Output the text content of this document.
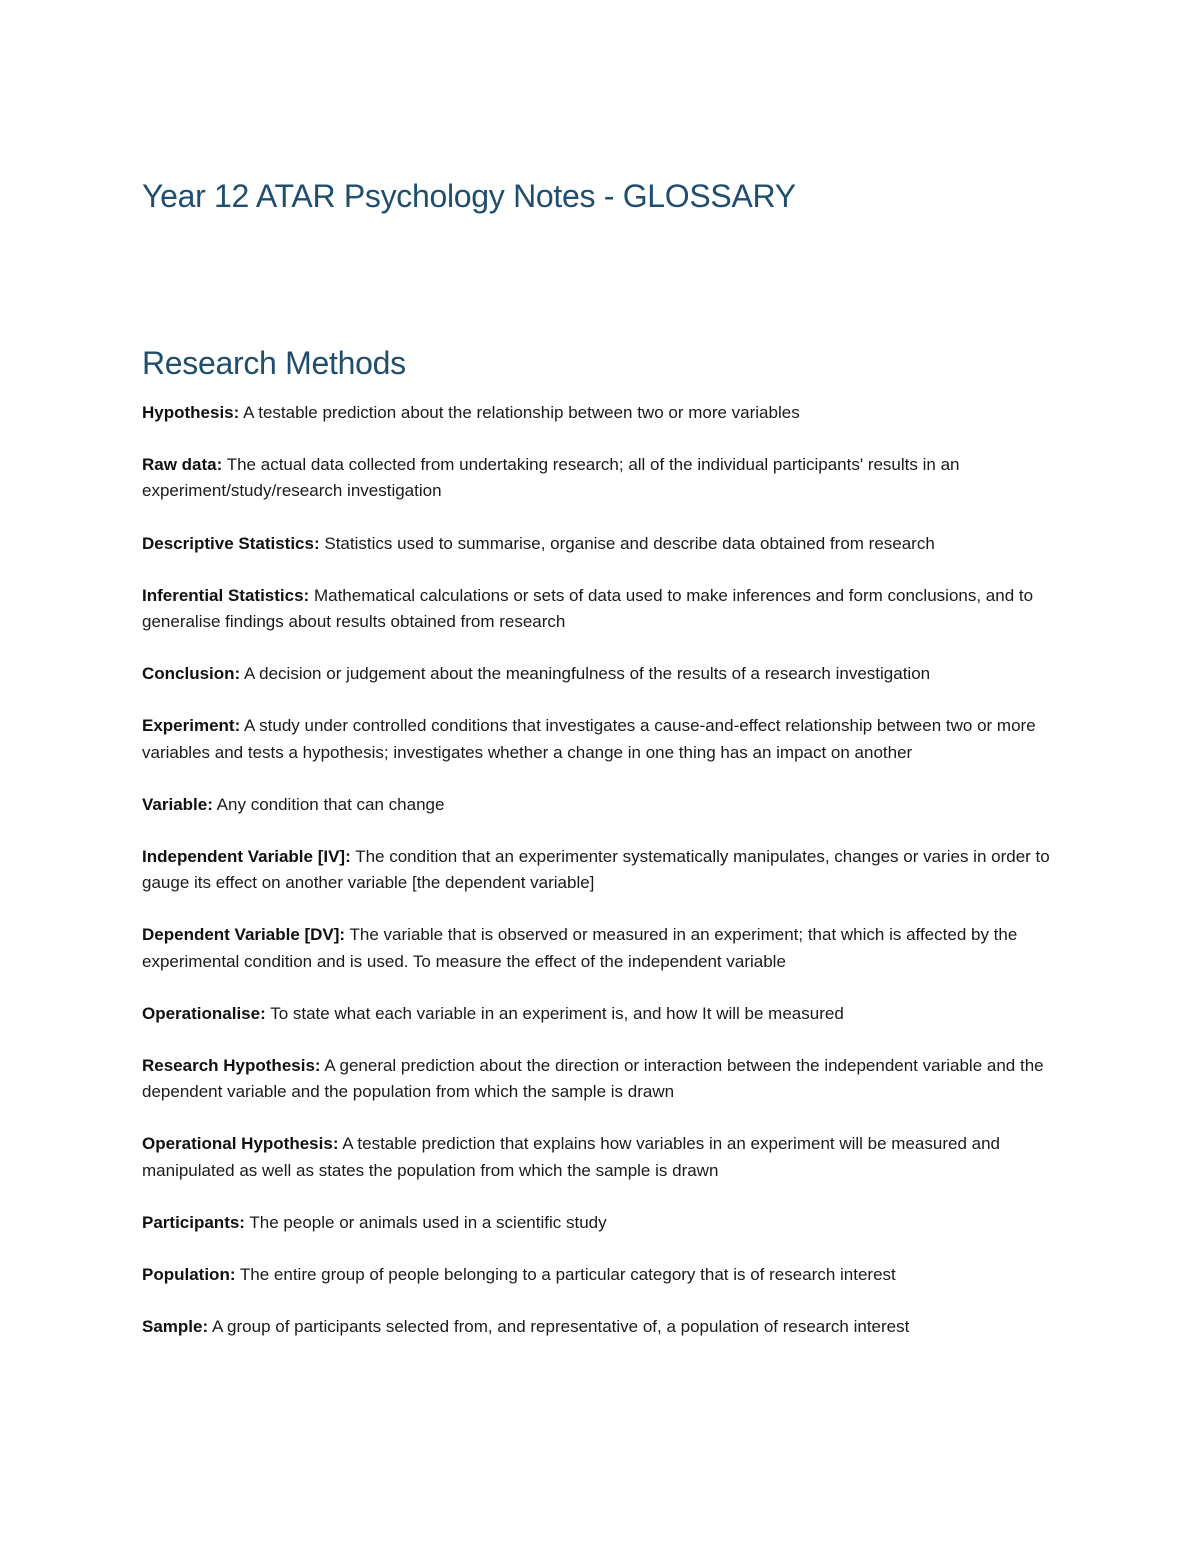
Year 12 ATAR Psychology Notes - GLOSSARY
Research Methods
Hypothesis: A testable prediction about the relationship between two or more variables
Raw data: The actual data collected from undertaking research; all of the individual participants' results in an experiment/study/research investigation
Descriptive Statistics: Statistics used to summarise, organise and describe data obtained from research
Inferential Statistics: Mathematical calculations or sets of data used to make inferences and form conclusions, and to generalise findings about results obtained from research
Conclusion: A decision or judgement about the meaningfulness of the results of a research investigation
Experiment: A study under controlled conditions that investigates a cause-and-effect relationship between two or more variables and tests a hypothesis; investigates whether a change in one thing has an impact on another
Variable: Any condition that can change
Independent Variable [IV]: The condition that an experimenter systematically manipulates, changes or varies in order to gauge its effect on another variable [the dependent variable]
Dependent Variable [DV]: The variable that is observed or measured in an experiment; that which is affected by the experimental condition and is used. To measure the effect of the independent variable
Operationalise: To state what each variable in an experiment is, and how It will be measured
Research Hypothesis: A general prediction about the direction or interaction between the independent variable and the dependent variable and the population from which the sample is drawn
Operational Hypothesis: A testable prediction that explains how variables in an experiment will be measured and manipulated as well as states the population from which the sample is drawn
Participants: The people or animals used in a scientific study
Population: The entire group of people belonging to a particular category that is of research interest
Sample: A group of participants selected from, and representative of, a population of research interest
